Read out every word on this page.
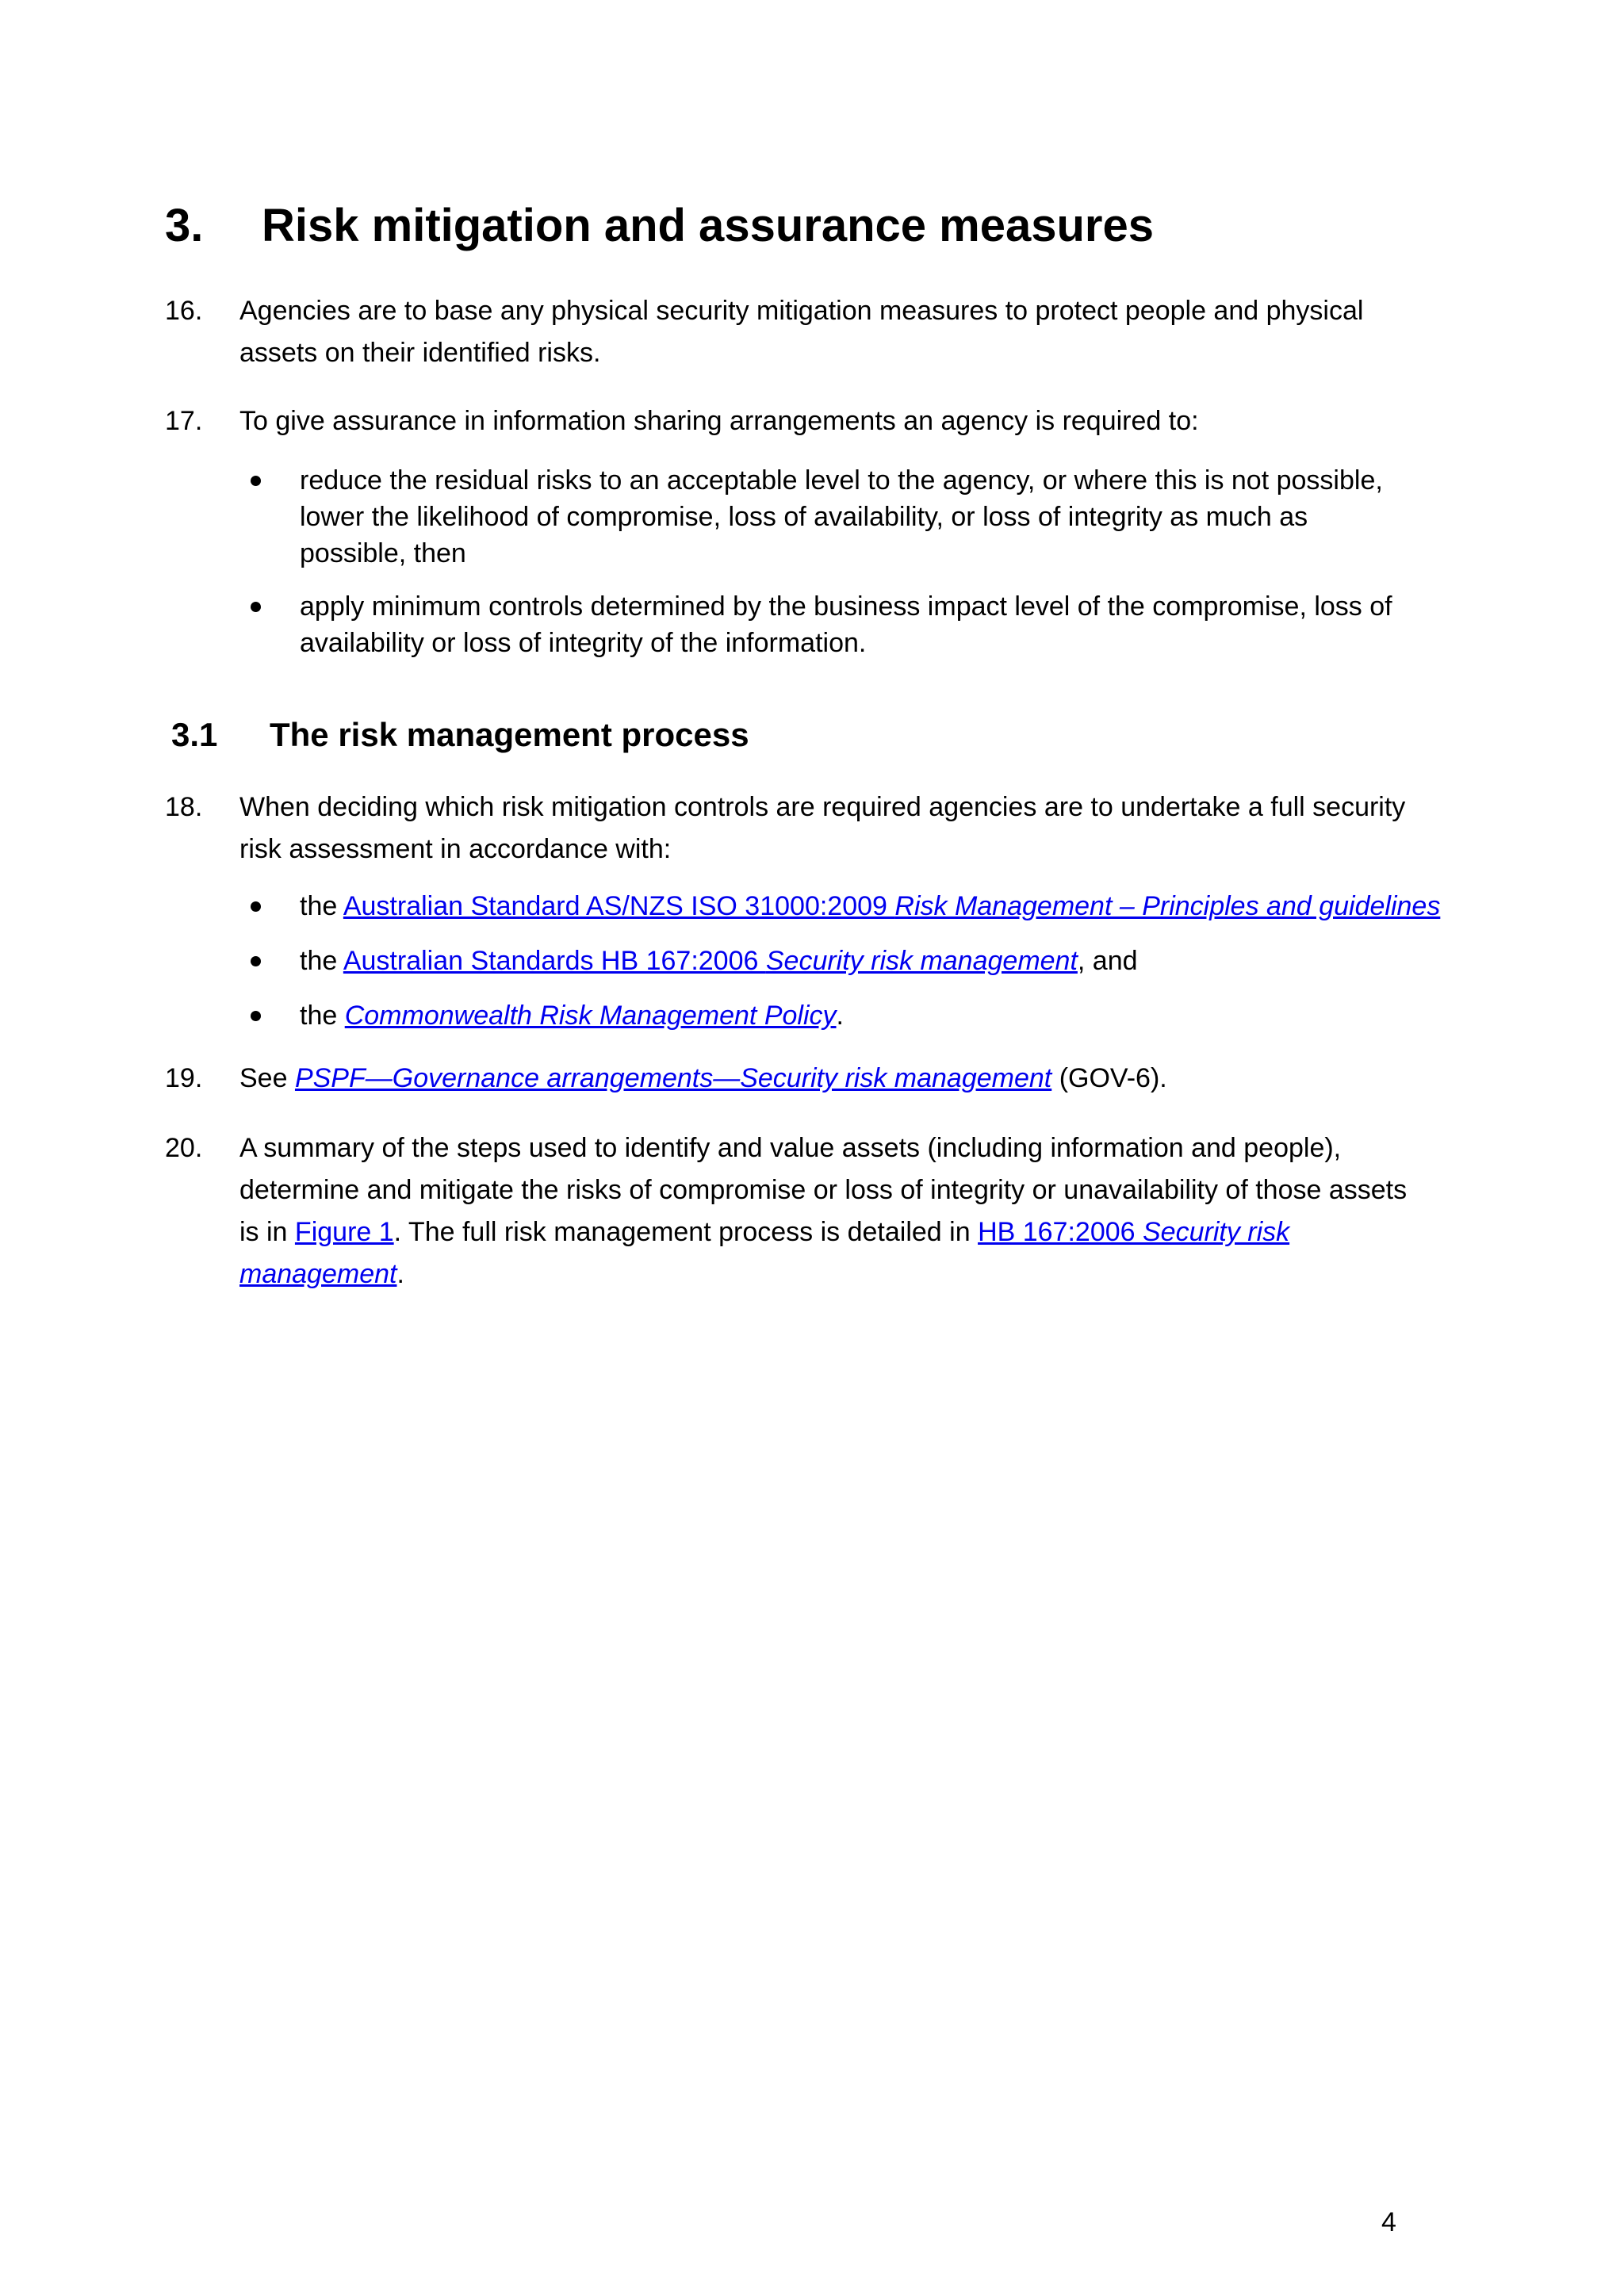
3. Risk mitigation and assurance measures
16. Agencies are to base any physical security mitigation measures to protect people and physical
assets on their identified risks.
17. To give assurance in information sharing arrangements an agency is required to:
reduce the residual risks to an acceptable level to the agency, or where this is not possible,
lower the likelihood of compromise, loss of availability, or loss of integrity as much as
possible, then
apply minimum controls determined by the business impact level of the compromise, loss of
availability or loss of integrity of the information.
3.1 The risk management process
18. When deciding which risk mitigation controls are required agencies are to undertake a full security
risk assessment in accordance with:
the Australian Standard AS/NZS ISO 31000:2009 Risk Management – Principles and guidelines
the Australian Standards HB 167:2006 Security risk management, and
the Commonwealth Risk Management Policy.
19. See PSPF—Governance arrangements—Security risk management (GOV-6).
20. A summary of the steps used to identify and value assets (including information and people),
determine and mitigate the risks of compromise or loss of integrity or unavailability of those assets
is in Figure 1. The full risk management process is detailed in HB 167:2006 Security risk
management.
4
